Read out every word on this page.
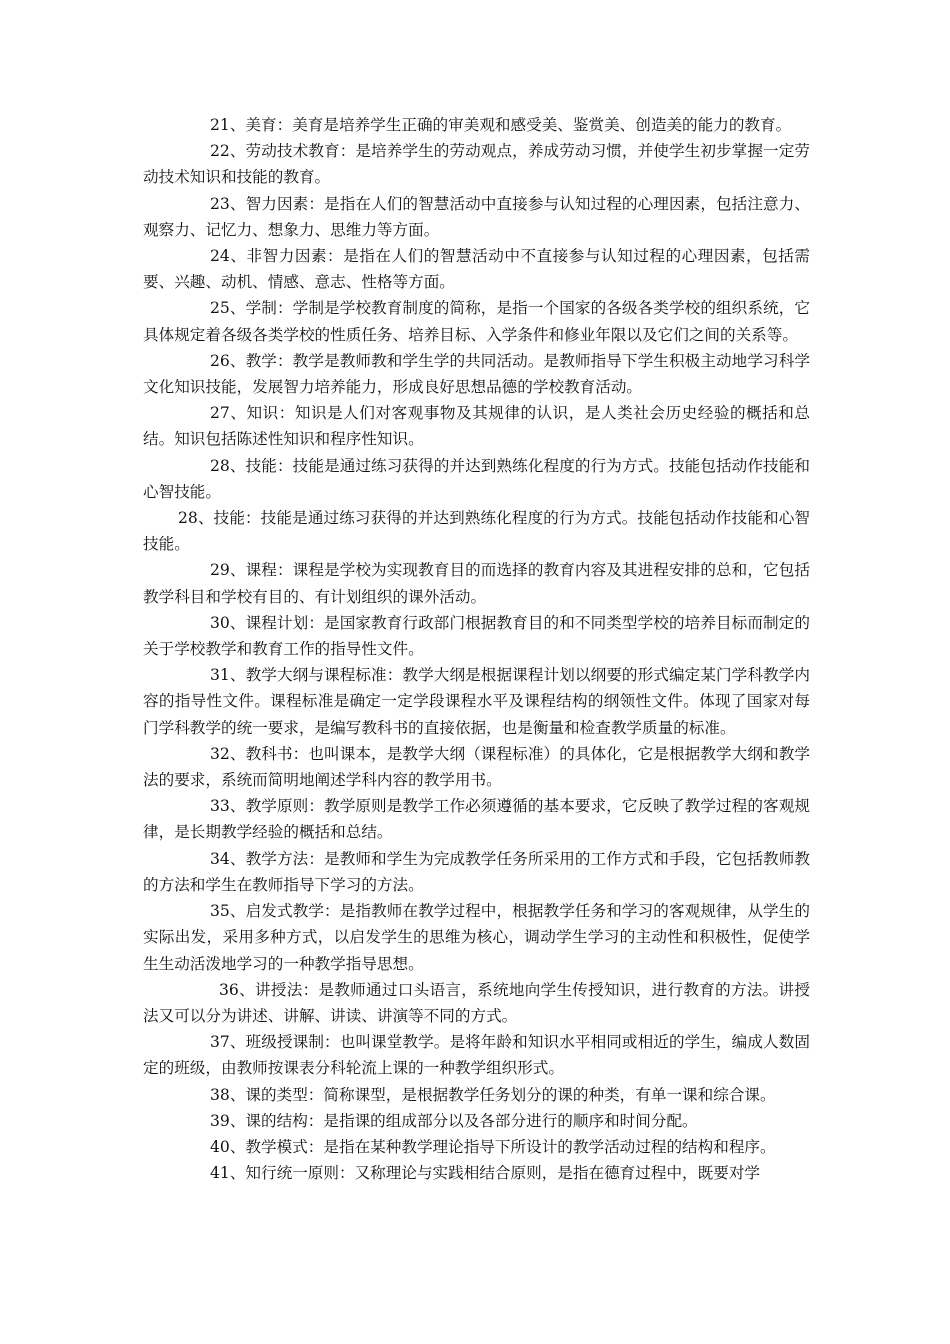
21、美育：美育是培养学生正确的审美观和感受美、鉴赏美、创造美的能力的教育。

22、劳动技术教育：是培养学生的劳动观点，养成劳动习惯，并使学生初步掌握一定劳动技术知识和技能的教育。

23、智力因素：是指在人们的智慧活动中直接参与认知过程的心理因素，包括注意力、观察力、记忆力、想象力、思维力等方面。

24、非智力因素：是指在人们的智慧活动中不直接参与认知过程的心理因素，包括需要、兴趣、动机、情感、意志、性格等方面。

25、学制：学制是学校教育制度的简称，是指一个国家的各级各类学校的组织系统，它具体规定着各级各类学校的性质任务、培养目标、入学条件和修业年限以及它们之间的关系等。

26、教学：教学是教师教和学生学的共同活动。是教师指导下学生积极主动地学习科学文化知识技能，发展智力培养能力，形成良好思想品德的学校教育活动。

27、知识：知识是人们对客观事物及其规律的认识，是人类社会历史经验的概括和总结。知识包括陈述性知识和程序性知识。

28、技能：技能是通过练习获得的并达到熟练化程度的行为方式。技能包括动作技能和心智技能。

28、技能：技能是通过练习获得的并达到熟练化程度的行为方式。技能包括动作技能和心智技能。

29、课程：课程是学校为实现教育目的而选择的教育内容及其进程安排的总和，它包括教学科目和学校有目的、有计划组织的课外活动。

30、课程计划：是国家教育行政部门根据教育目的和不同类型学校的培养目标而制定的关于学校教学和教育工作的指导性文件。

31、教学大纲与课程标准：教学大纲是根据课程计划以纲要的形式编定某门学科教学内容的指导性文件。课程标准是确定一定学段课程水平及课程结构的纲领性文件。体现了国家对每门学科教学的统一要求，是编写教科书的直接依据，也是衡量和检查教学质量的标准。

32、教科书：也叫课本，是教学大纲（课程标准）的具体化，它是根据教学大纲和教学法的要求，系统而简明地阐述学科内容的教学用书。

33、教学原则：教学原则是教学工作必须遵循的基本要求，它反映了教学过程的客观规律，是长期教学经验的概括和总结。

34、教学方法：是教师和学生为完成教学任务所采用的工作方式和手段，它包括教师教的方法和学生在教师指导下学习的方法。

35、启发式教学：是指教师在教学过程中，根据教学任务和学习的客观规律，从学生的实际出发，采用多种方式，以启发学生的思维为核心，调动学生学习的主动性和积极性，促使学生生动活泼地学习的一种教学指导思想。

36、讲授法：是教师通过口头语言，系统地向学生传授知识，进行教育的方法。讲授法又可以分为讲述、讲解、讲读、讲演等不同的方式。

37、班级授课制：也叫课堂教学。是将年龄和知识水平相同或相近的学生，编成人数固定的班级，由教师按课表分科轮流上课的一种教学组织形式。

38、课的类型：简称课型，是根据教学任务划分的课的种类，有单一课和综合课。

39、课的结构：是指课的组成部分以及各部分进行的顺序和时间分配。

40、教学模式：是指在某种教学理论指导下所设计的教学活动过程的结构和程序。

41、知行统一原则：又称理论与实践相结合原则，是指在德育过程中，既要对学
